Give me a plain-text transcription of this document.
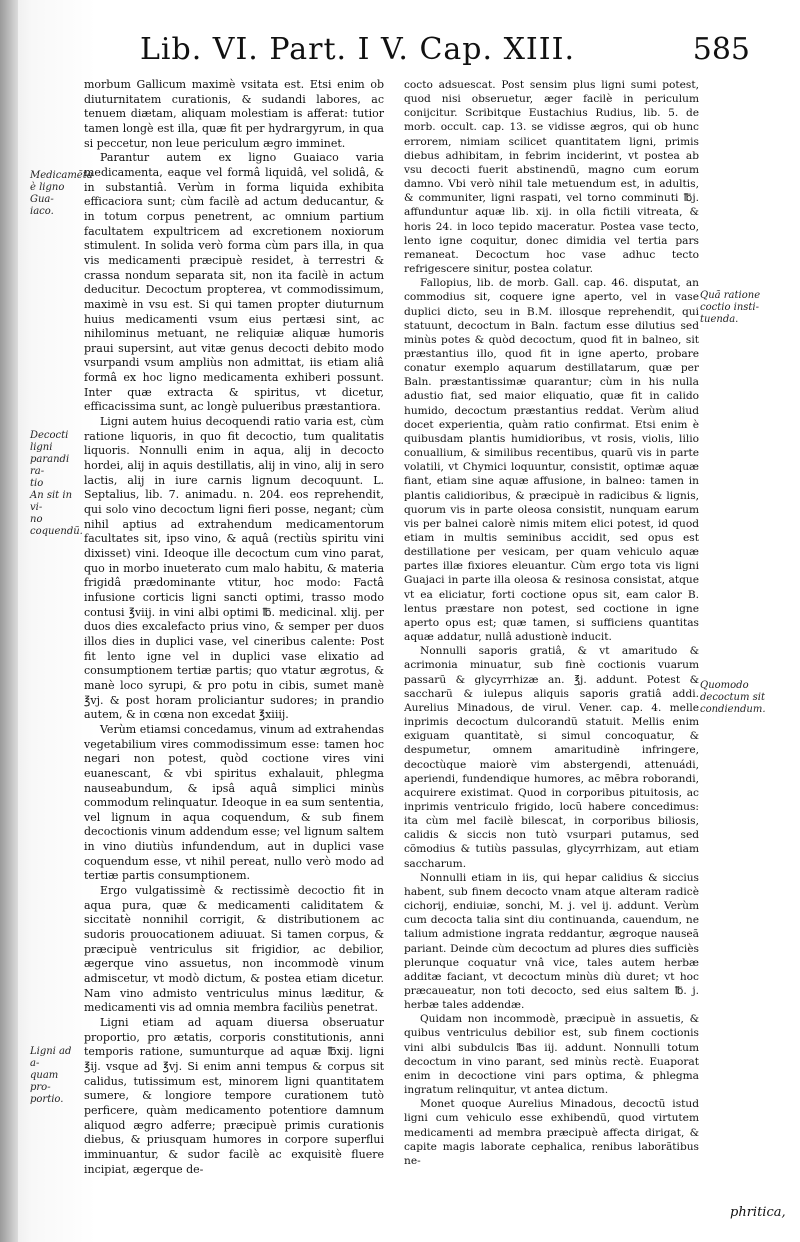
Lib. VI. Part. I V. Cap. XIII.	585
Medicamẽta
è ligno Gua-
iaco.
Decocti ligni
parandi ra-
tio
An sit in vi-
no coquendũ.
Ligni ad a-
quam pro-
portio.
Quã ratione
coctio insti-
tuenda.
Quomodo
decoctum sit
condiendum.

morbum Gallicum maximè vsitata est. Etsi enim ob diuturnitatem curationis, & sudandi labores, ac tenuem diætam, aliquam molestiam is afferat: tutior tamen longè est illa, quæ fit per hydrargyrum, in qua si peccetur, non leue periculum ægro imminet.

Parantur autem ex ligno Guaiaco varia medicamenta, eaque vel formâ liquidâ, vel solidâ, & in substantiâ. Verùm in forma liquida exhibita efficaciora sunt; cùm facilè ad actum deducantur, & in totum corpus penetrent, ac omnium partium facultatem expultricem ad excretionem noxiorum stimulent. In solida verò forma cùm pars illa, in qua vis medicamenti præcipuè residet, à terrestri & crassa nondum separata sit, non ita facilè in actum deducitur. Decoctum propterea, vt commodissimum, maximè in vsu est. Si qui tamen propter diuturnum huius medicamenti vsum eius pertæsi sint, ac nihilominus metuant, ne reliquiæ aliquæ humoris praui supersint, aut vitæ genus decocti debito modo vsurpandi vsum ampliùs non admittat, iis etiam aliâ formâ ex hoc ligno medicamenta exhiberi possunt. Inter quæ extracta & spiritus, vt dicetur, efficacissima sunt, ac longè pulueribus præstantiora.

Ligni autem huius decoquendi ratio varia est, cùm ratione liquoris, in quo fit decoctio, tum qualitatis liquoris. Nonnulli enim in aqua, alij in decocto hordei, alij in aquis destillatis, alij in vino, alij in sero lactis, alij in iure carnis lignum decoquunt. L. Septalius, lib. 7. animadu. n. 204. eos reprehendit, qui solo vino decoctum ligni fieri posse, negant; cùm nihil aptius ad extrahendum medicamentorum facultates sit, ipso vino, & aquâ (rectiùs spiritu vini dixisset) vini. Ideoque ille decoctum cum vino parat, quo in morbo inueterato cum malo habitu, & materia frigidâ prædominante vtitur, hoc modo: Factâ infusione corticis ligni sancti optimi, trasso modo contusi ℥viij. in vini albi optimi ℔. medicinal. xlij. per duos dies excalefacto prius vino, & semper per duos illos dies in duplici vase, vel cineribus calente: Post fit lento igne vel in duplici vase elixatio ad consumptionem tertiæ partis; quo vtatur ægrotus, & manè loco syrupi, & pro potu in cibis, sumet manè ℥vj. & post horam proliciantur sudores; in prandio autem, & in cœna non excedat ℥xiiij.

Verùm etiamsi concedamus, vinum ad extrahendas vegetabilium vires commodissimum esse: tamen hoc negari non potest, quòd coctione vires vini euanescant, & vbi spiritus exhalauit, phlegma nauseabundum, & ipsâ aquâ simplici minùs commodum relinquatur. Ideoque in ea sum sententia, vel lignum in aqua coquendum, & sub finem decoctionis vinum addendum esse; vel lignum saltem in vino diutiùs infundendum, aut in duplici vase coquendum esse, vt nihil pereat, nullo verò modo ad tertiæ partis consumptionem.

Ergo vulgatissimè & rectissimè decoctio fit in aqua pura, quæ & medicamenti caliditatem & siccitatè nonnihil corrigit, & distributionem ac sudoris prouocationem adiuuat. Si tamen corpus, & præcipuè ventriculus sit frigidior, ac debilior, ægerque vino assuetus, non incommodè vinum admiscetur, vt modò dictum, & postea etiam dicetur. Nam vino admisto ventriculus minus læditur, & medicamenti vis ad omnia membra faciliùs penetrat.

Ligni etiam ad aquam diuersa obseruatur proportio, pro ætatis, corporis constitutionis, anni temporis ratione, sumunturque ad aquæ ℔xij. ligni ℥ij. vsque ad ℥vj. Si enim anni tempus & corpus sit calidus, tutissimum est, minorem ligni quantitatem sumere, & longiore tempore curationem tutò perficere, quàm medicamento potentiore damnum aliquod ægro adferre; præcipuè primis curationis diebus, & priusquam humores in corpore superflui imminuantur, & sudor facilè ac exquisitè fluere incipiat, ægerque de-

cocto adsuescat. Post sensim plus ligni sumi potest, quod nisi obseruetur, æger facilè in periculum conijcitur. Scribitque Eustachius Rudius, lib. 5. de morb. occult. cap. 13. se vidisse ægros, qui ob hunc errorem, nimiam scilicet quantitatem ligni, primis diebus adhibitam, in febrim inciderint, vt postea ab vsu decocti fuerit abstinendũ, magno cum eorum damno. Vbi verò nihil tale metuendum est, in adultis, & communiter, ligni raspati, vel torno comminuti ℔j. affunduntur aquæ lib. xij. in olla fictili vitreata, & horis 24. in loco tepido maceratur. Postea vase tecto, lento igne coquitur, donec dimidia vel tertia pars remaneat. Decoctum hoc vase adhuc tecto refrigescere sinitur, postea colatur.

Fallopius, lib. de morb. Gall. cap. 46. disputat, an commodius sit, coquere igne aperto, vel in vase duplici dicto, seu in B.M. illosque reprehendit, qui statuunt, decoctum in Baln. factum esse dilutius sed minùs potes & quòd decoctum, quod fit in balneo, sit præstantius illo, quod fit in igne aperto, probare conatur exemplo aquarum destillatarum, quæ per Baln. præstantissimæ quarantur; cùm in his nulla adustio fiat, sed maior eliquatio, quæ fit in calido humido, decoctum præstantius reddat. Verùm aliud docet experientia, quàm ratio confirmat. Etsi enim è quibusdam plantis humidioribus, vt rosis, violis, lilio conuallium, & similibus recentibus, quarũ vis in parte volatili, vt Chymici loquuntur, consistit, optimæ aquæ fiant, etiam sine aquæ affusione, in balneo: tamen in plantis calidioribus, & præcipuè in radicibus & lignis, quorum vis in parte oleosa consistit, nunquam earum vis per balnei calorè nimis mitem elici potest, id quod etiam in multis seminibus accidit, sed opus est destillatione per vesicam, per quam vehiculo aquæ partes illæ fixiores eleuantur. Cùm ergo tota vis ligni Guajaci in parte illa oleosa & resinosa consistat, atque vt ea eliciatur, forti coctione opus sit, eam calor B. lentus præstare non potest, sed coctione in igne aperto opus est; quæ tamen, si sufficiens quantitas aquæ addatur, nullâ adustionè inducit.

Nonnulli saporis gratiâ, & vt amaritudo & acrimonia minuatur, sub finè coctionis vuarum passarũ & glycyrrhizæ an. ℥j. addunt. Potest & saccharũ & iulepus aliquis saporis gratiâ addi. Aurelius Minadous, de virul. Vener. cap. 4. melle inprimis decoctum dulcorandũ statuit. Mellis enim exiguam quantitatè, si simul concoquatur, & despumetur, omnem amaritudinè infringere, decoctùque maiorè vim abstergendi, attenuádi, aperiendi, fundendique humores, ac mẽbra roborandi, acquirere existimat. Quod in corporibus pituitosis, ac inprimis ventriculo frigido, locũ habere concedimus: ita cùm mel facilè bilescat, in corporibus biliosis, calidis & siccis non tutò vsurpari putamus, sed cõmodius & tutiùs passulas, glycyrrhizam, aut etiam saccharum.

Nonnulli etiam in iis, qui hepar calidius & siccius habent, sub finem decocto vnam atque alteram radicè cichorij, endiuiæ, sonchi, M. j. vel ij. addunt. Verùm cum decocta talia sint diu continuanda, cauendum, ne talium admistione ingrata reddantur, ægroque nauseã pariant. Deinde cùm decoctum ad plures dies sufficiès plerunque coquatur vnâ vice, tales autem herbæ additæ faciant, vt decoctum minùs diù duret; vt hoc præcaueatur, non toti decocto, sed eius saltem ℔. j. herbæ tales addendæ.

Quidam non incommodè, præcipuè in assuetis, & quibus ventriculus debilior est, sub finem coctionis vini albi subdulcis ℔as iij. addunt. Nonnulli totum decoctum in vino parant, sed minùs rectè. Euaporat enim in decoctione vini pars optima, & phlegma ingratum relinquitur, vt antea dictum.

Monet quoque Aurelius Minadous, decoctũ istud ligni cum vehiculo esse exhibendũ, quod virtutem medicamenti ad membra præcipuè affecta dirigat, & capite magis laborate cephalica, renibus laborãtibus ne-

phritica,
